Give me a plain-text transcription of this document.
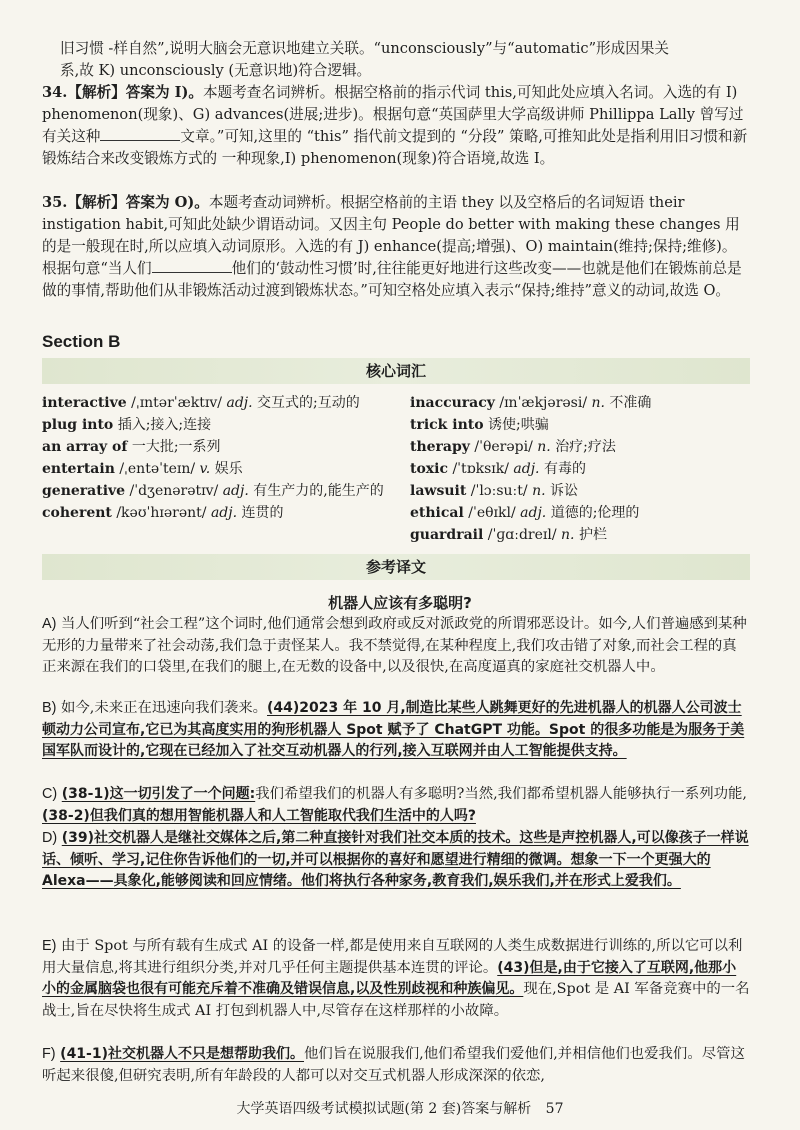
旧习惯 -样自然”,说明大脑会无意识地建立关联。“unconsciously”与“automatic”形成因果关
系,故 K) unconsciously (无意识地)符合逻辑。
34.【解析】答案为 I)。本题考查名词辨析。根据空格前的指示代词 this,可知此处应填入名词。入选的有 I) phenomenon(现象)、G) advances(进展;进步)。根据句意“英国萨里大学高级讲师 Phillippa Lally 曾写过有关这种	文章。”可知,这里的 “this” 指代前文提到的 “分段” 策略,可推知此处是指利用旧习惯和新锻炼结合来改变锻炼方式的 一种现象,I) phenomenon(现象)符合语境,故选 I。
35.【解析】答案为 O)。本题考查动词辨析。根据空格前的主语 they 以及空格后的名词短语 their instigation habit,可知此处缺少谓语动词。又因主句 People do better with making these changes 用的是一般现在时,所以应填入动词原形。入选的有 J) enhance(提高;增强)、O) maintain(维持;保持;维修)。根据句意“当人们	他们的‘鼓动性习惯’时,往往能更好地进行这些改变——也就是他们在锻炼前总是做的事情,帮助他们从非锻炼活动过渡到锻炼状态。”可知空格处应填入表示“保持;维持”意义的动词,故选 O。
Section B
核心词汇
interactive /ˌɪntərˈæktɪv/ adj. 交互式的;互动的
plug into 插入;接入;连接
an array of 一大批;一系列
entertain /ˌentəˈteɪn/ v. 娱乐
generative /ˈdʒenərətɪv/ adj. 有生产力的,能生产的
coherent /kəʊˈhɪərənt/ adj. 连贯的
inaccuracy /ɪnˈækjərəsi/ n. 不准确
trick into 诱使;哄骗
therapy /ˈθerəpi/ n. 治疗;疗法
toxic /ˈtɒksɪk/ adj. 有毒的
lawsuit /ˈlɔːsuːt/ n. 诉讼
ethical /ˈeθɪkl/ adj. 道德的;伦理的
guardrail /ˈɡɑːdreɪl/ n. 护栏
参考译文
机器人应该有多聪明?
A) 当人们听到“社会工程”这个词时,他们通常会想到政府或反对派政党的所谓邪恶设计。如今,人们普遍感到某种无形的力量带来了社会动荡,我们急于责怪某人。我不禁觉得,在某种程度上,我们攻击错了对象,而社会工程的真正来源在我们的口袋里,在我们的腿上,在无数的设备中,以及很快,在高度逼真的家庭社交机器人中。
B) 如今,未来正在迅速向我们袭来。(44)2023 年 10 月,制造比某些人跳舞更好的先进机器人的机器人公司波士顿动力公司宣布,它已为其高度实用的狗形机器人 Spot 赋予了 ChatGPT 功能。Spot 的很多功能是为服务于美国军队而设计的,它现在已经加入了社交互动机器人的行列,接入互联网并由人工智能提供支持。
C) (38-1)这一切引发了一个问题:我们希望我们的机器人有多聪明?当然,我们都希望机器人能够执行一系列功能,(38-2)但我们真的想用智能机器人和人工智能取代我们生活中的人吗?
D) (39)社交机器人是继社交媒体之后,第二种直接针对我们社交本质的技术。这些是声控机器人,可以像孩子一样说话、倾听、学习,记住你告诉他们的一切,并可以根据你的喜好和愿望进行精细的微调。想象一下一个更强大的 Alexa——具象化,能够阅读和回应情绪。他们将执行各种家务,教育我们,娱乐我们,并在形式上爱我们。
E) 由于 Spot 与所有载有生成式 AI 的设备一样,都是使用来自互联网的人类生成数据进行训练的,所以它可以利用大量信息,将其进行组织分类,并对几乎任何主题提供基本连贯的评论。(43)但是,由于它接入了互联网,他那小小的金属脑袋也很有可能充斥着不准确及错误信息,以及性别歧视和种族偏见。现在,Spot 是 AI 军备竞赛中的一名战士,旨在尽快将生成式 AI 打包到机器人中,尽管存在这样那样的小故障。
F) (41-1)社交机器人不只是想帮助我们。他们旨在说服我们,他们希望我们爱他们,并相信他们也爱我们。尽管这听起来很傻,但研究表明,所有年龄段的人都可以对交互式机器人形成深深的依恋,
大学英语四级考试模拟试题(第 2 套)答案与解析 57
